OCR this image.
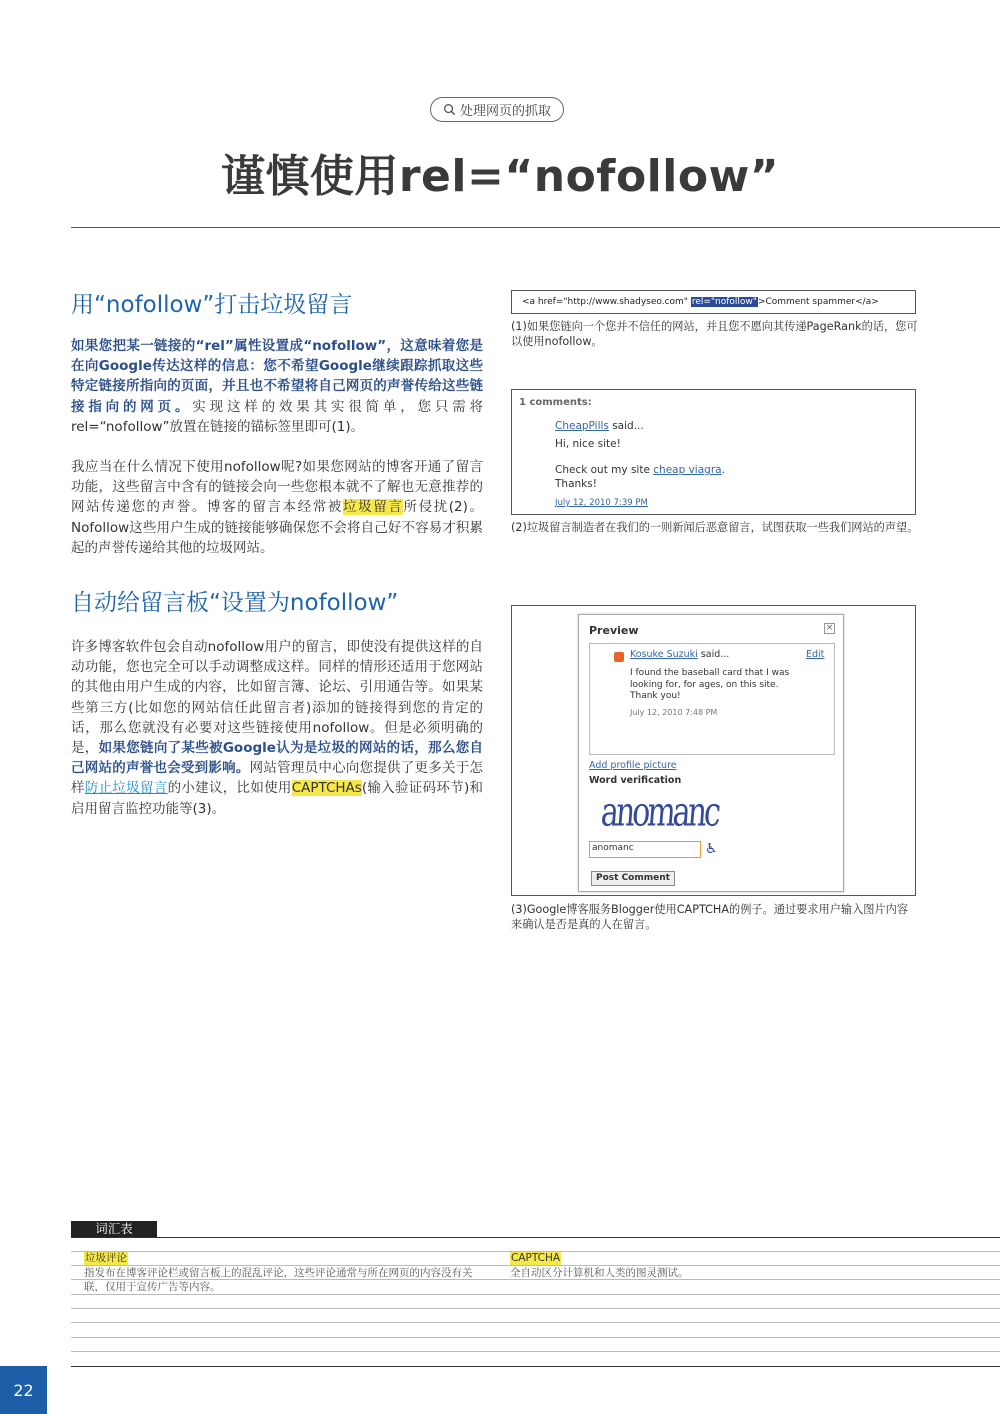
处理网页的抓取
谨慎使用rel=“nofollow”
用“nofollow”打击垃圾留言
如果您把某一链接的“rel”属性设置成“nofollow”，这意味着您是在向Google传达这样的信息：您不希望Google继续跟踪抓取这些特定链接所指向的页面，并且也不希望将自己网页的声誉传给这些链接指向的网页。实现这样的效果其实很简单，您只需将rel=“nofollow”放置在链接的锚标签里即可(1)。
我应当在什么情况下使用nofollow呢?如果您网站的博客开通了留言功能，这些留言中含有的链接会向一些您根本就不了解也无意推荐的网站传递您的声誉。博客的留言本经常被垃圾留言所侵扰(2)。Nofollow这些用户生成的链接能够确保您不会将自己好不容易才积累起的声誉传递给其他的垃圾网站。
自动给留言板“设置为nofollow”
许多博客软件包会自动nofollow用户的留言，即使没有提供这样的自动功能，您也完全可以手动调整成这样。同样的情形还适用于您网站的其他由用户生成的内容，比如留言簿、论坛、引用通告等。如果某些第三方(比如您的网站信任此留言者)添加的链接得到您的肯定的话，那么您就没有必要对这些链接使用nofollow。但是必须明确的是，如果您链向了某些被Google认为是垃圾的网站的话，那么您自己网站的声誉也会受到影响。网站管理员中心向您提供了更多关于怎样防止垃圾留言的小建议，比如使用CAPTCHAs(输入验证码环节)和启用留言监控功能等(3)。
<a href="http://www.shadyseo.com" rel="nofollow">Comment spammer</a>
(1)如果您链向一个您并不信任的网站，并且您不愿向其传递PageRank的话，您可以使用nofollow。
1 comments:
CheapPills said...
Hi, nice site!
Check out my site cheap viagra.
Thanks!
July 12, 2010 7:39 PM
(2)垃圾留言制造者在我们的一则新闻后恶意留言，试图获取一些我们网站的声望。
Preview	×
Kosuke Suzuki said...	Edit
I found the baseball card that I was looking for, for ages, on this site. Thank you!
July 12, 2010 7:48 PM
Add profile picture
Word verification
anomanc
anomanc	♿
Post Comment
(3)Google博客服务Blogger使用CAPTCHA的例子。通过要求用户输入图片内容来确认是否是真的人在留言。
词汇表
垃圾评论
指发布在博客评论栏或留言板上的混乱评论，这些评论通常与所在网页的内容没有关联，仅用于宣传广告等内容。
CAPTCHA
全自动区分计算机和人类的图灵测试。
22
